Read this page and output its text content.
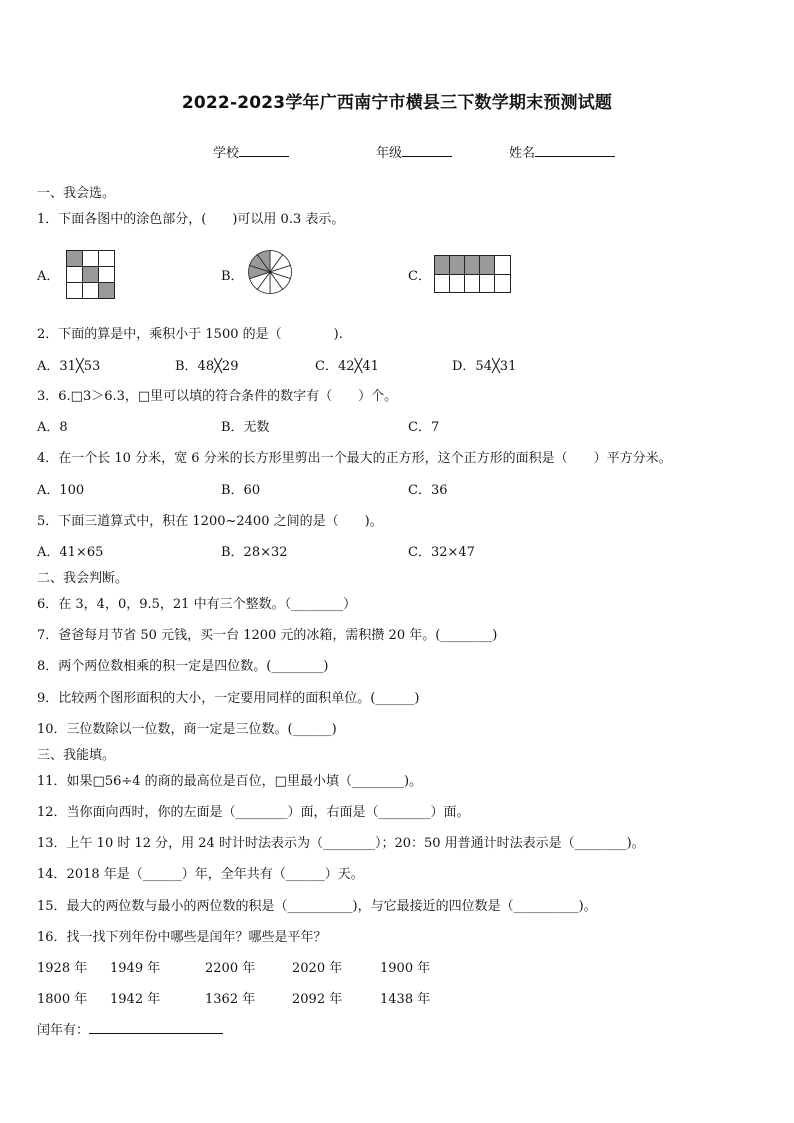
2022-2023学年广西南宁市横县三下数学期末预测试题
学校	年级	姓名
一、我会选。
1．下面各图中的涂色部分，(　　)可以用 0.3 表示。
A．	B．	C．
2．下面的算是中，乘积小于 1500 的是（　　　　).
A．31╳53	B．48╳29	C．42╳41	D．54╳31
3．6.□3＞6.3，□里可以填的符合条件的数字有（　　）个。
A．8	B．无数	C．7
4．在一个长 10 分米，宽 6 分米的长方形里剪出一个最大的正方形，这个正方形的面积是（　　）平方分米。
A．100	B．60	C．36
5．下面三道算式中，积在 1200~2400 之间的是（　　)。
A．41×65	B．28×32	C．32×47
二、我会判断。
6．在 3，4，0，9.5，21 中有三个整数。（________）
7．爸爸每月节省 50 元钱，买一台 1200 元的冰箱，需积攒 20 年。(________)
8．两个两位数相乘的积一定是四位数。(________)
9．比较两个图形面积的大小，一定要用同样的面积单位。(______)
10．三位数除以一位数，商一定是三位数。(______)
三、我能填。
11．如果□56÷4 的商的最高位是百位，□里最小填（________)。
12．当你面向西时，你的左面是（________）面，右面是（________）面。
13．上午 10 时 12 分，用 24 时计时法表示为（________）；20：50 用普通计时法表示是（________)。
14．2018 年是（______）年，全年共有（______）天。
15．最大的两位数与最小的两位数的积是（__________)，与它最接近的四位数是（__________)。
16．找一找下列年份中哪些是闰年？哪些是平年？
1928 年 1949 年	2200 年	2020 年	1900 年
1800 年 1942 年	1362 年	2092 年	1438 年
闰年有：
